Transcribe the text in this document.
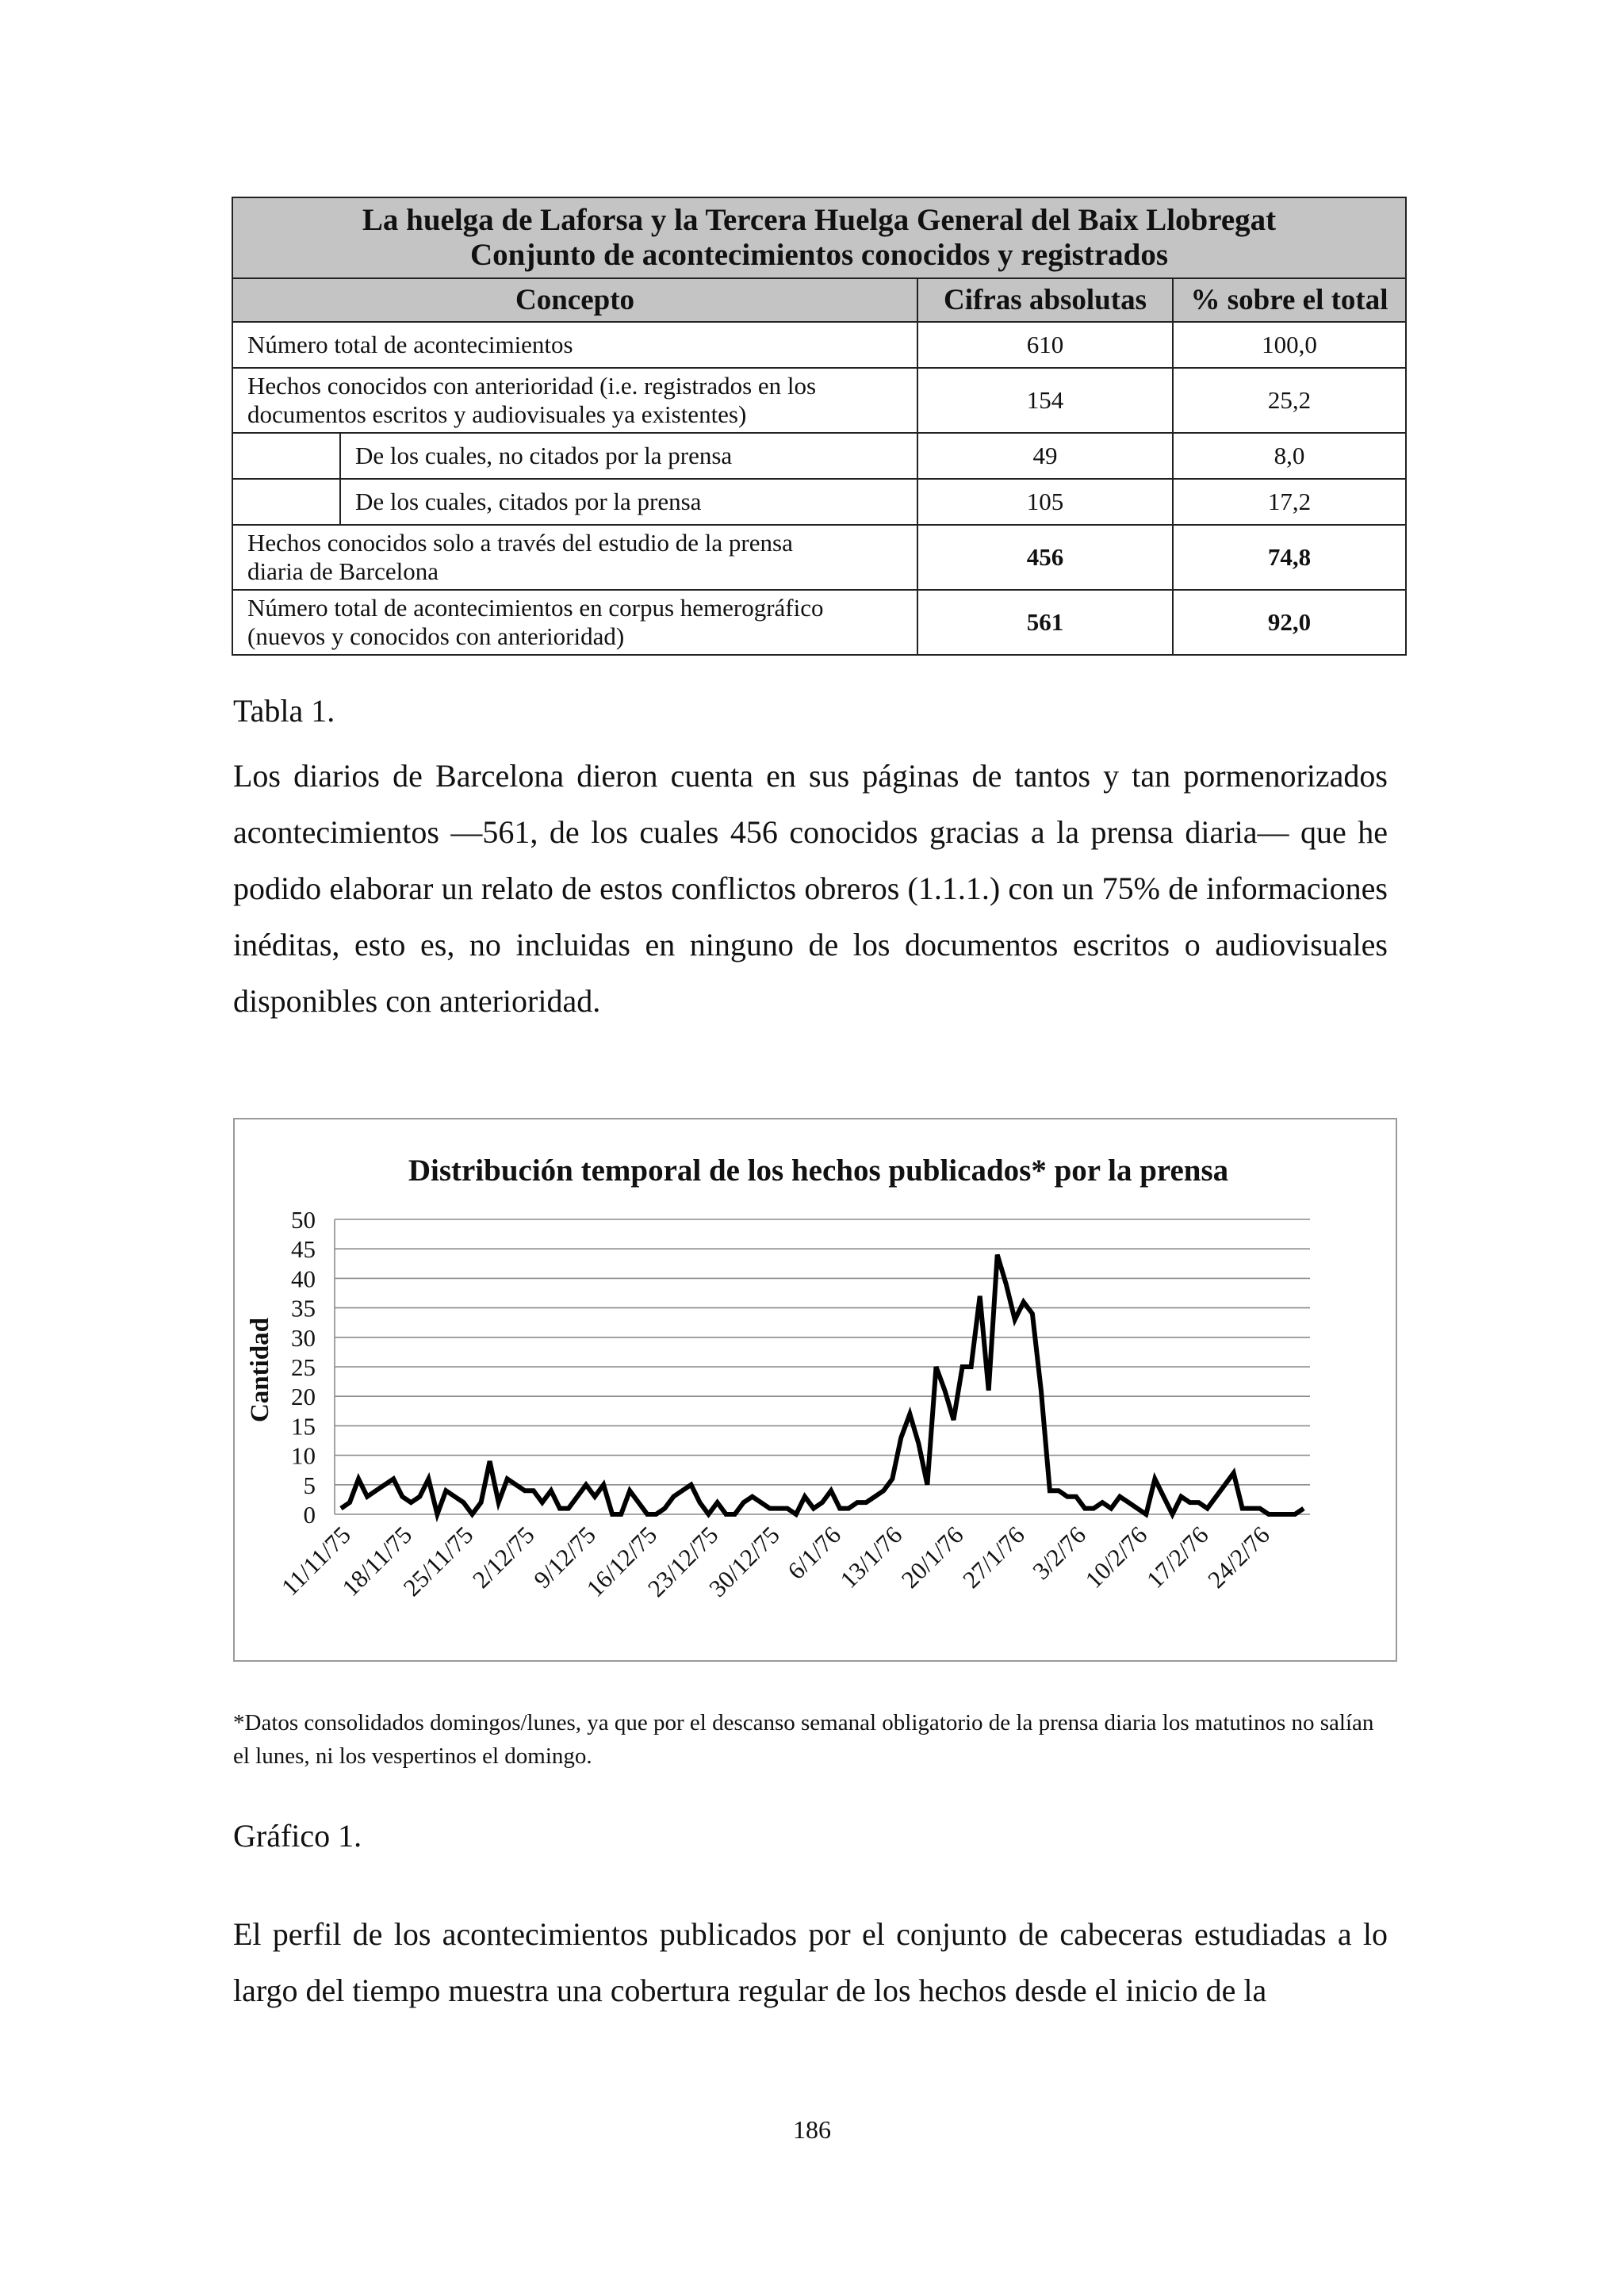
La huelga de Laforsa y la Tercera Huelga General del Baix Llobregat
Conjunto de acontecimientos conocidos y registrados			

Concepto		Cifras absolutas	% sobre el total
Número total de acontecimientos		610	100,0

Hechos conocidos con anterioridad (i.e. registrados en los
documentos escritos y audiovisuales ya existentes)		154	25,2
	De los cuales, no citados por la prensa	49	8,0
	De los cuales, citados por la prensa	105	17,2

Hechos conocidos solo a través del estudio de la prensa
diaria de Barcelona		456	74,8

Número total de acontecimientos en corpus hemerográfico
(nuevos y conocidos con anterioridad)		561	92,0
Tabla 1.

Los diarios de Barcelona dieron cuenta en sus páginas de tantos y tan pormenorizados acontecimientos —561, de los cuales 456 conocidos gracias a la prensa diaria— que he podido elaborar un relato de estos conflictos obreros (1.1.1.) con un 75% de informaciones inéditas, esto es, no incluidas en ninguno de los documentos escritos o audiovisuales disponibles con anterioridad.

Distribución temporal de los hechos publicados* por la prensa
Cantidad
0
5
10
15
20
25
30
35
40
45
50
11/11/75
18/11/75
25/11/75
2/12/75
9/12/75
16/12/75
23/12/75
30/12/75
6/1/76
13/1/76
20/1/76
27/1/76
3/2/76
10/2/76
17/2/76
24/2/76

*Datos consolidados domingos/lunes, ya que por el descanso semanal obligatorio de la prensa diaria los matutinos no salían el lunes, ni los vespertinos el domingo.

Gráfico 1.

El perfil de los acontecimientos publicados por el conjunto de cabeceras estudiadas a lo largo del tiempo muestra una cobertura regular de los hechos desde el inicio de la

186
